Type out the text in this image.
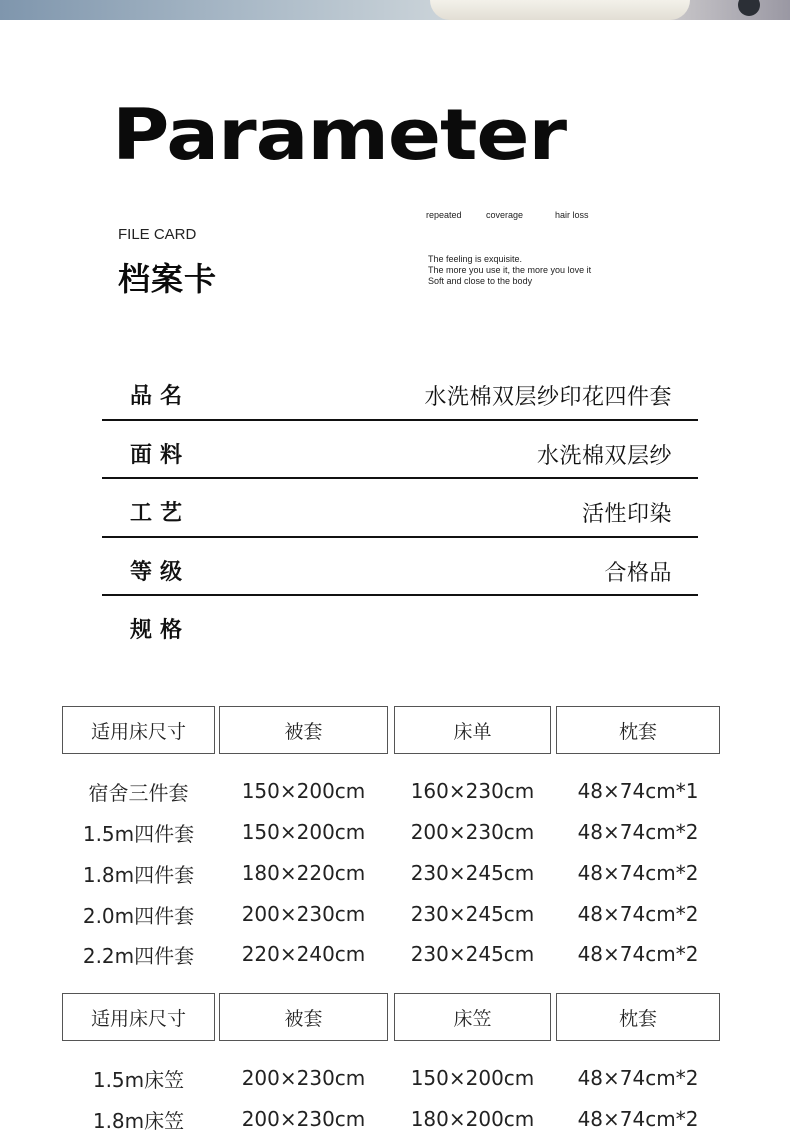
Parameter
FILE CARD
档案卡
repeated	coverage	hair loss
The feeling is exquisite.
The more you use it, the more you love it
Soft and close to the body
品名	水洗棉双层纱印花四件套
面料	水洗棉双层纱
工艺	活性印染
等级	合格品
规格
适用床尺寸	被套	床单	枕套
宿舍三件套	150×200cm	160×230cm	48×74cm*1
1.5m四件套	150×200cm	200×230cm	48×74cm*2
1.8m四件套	180×220cm	230×245cm	48×74cm*2
2.0m四件套	200×230cm	230×245cm	48×74cm*2
2.2m四件套	220×240cm	230×245cm	48×74cm*2
适用床尺寸	被套	床笠	枕套
1.5m床笠	200×230cm	150×200cm	48×74cm*2
1.8m床笠	200×230cm	180×200cm	48×74cm*2
